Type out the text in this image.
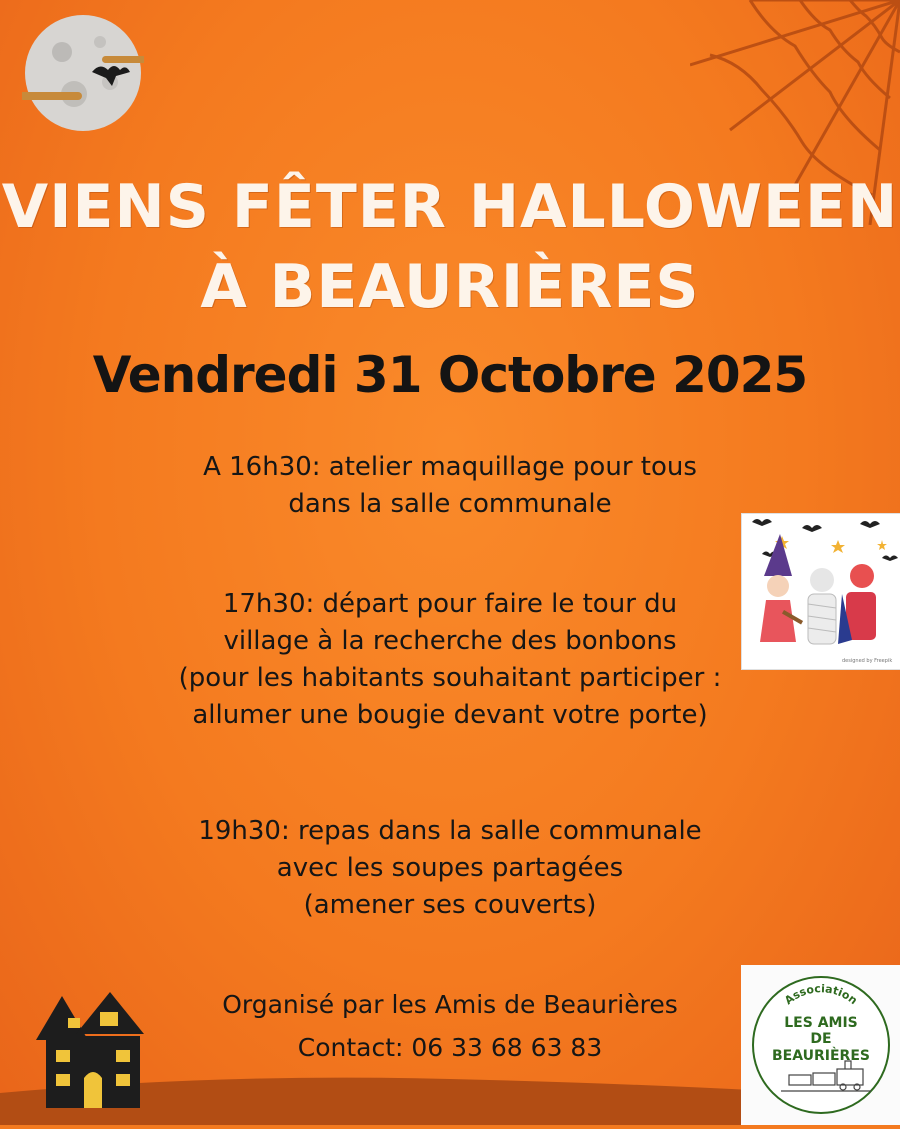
VIENS FÊTER HALLOWEEN
À BEAURIÈRES
Vendredi 31 Octobre 2025
A 16h30: atelier maquillage pour tous
dans la salle communale
17h30: départ pour faire le tour du
village à la recherche des bonbons
(pour les habitants souhaitant participer :
allumer une bougie devant votre porte)
19h30: repas dans la salle communale
avec les soupes partagées
(amener ses couverts)
Organisé par les Amis de Beaurières
Contact: 06 33 68 63 83
designed by Freepik
Association
LES AMIS
DE
BEAURIÈRES
